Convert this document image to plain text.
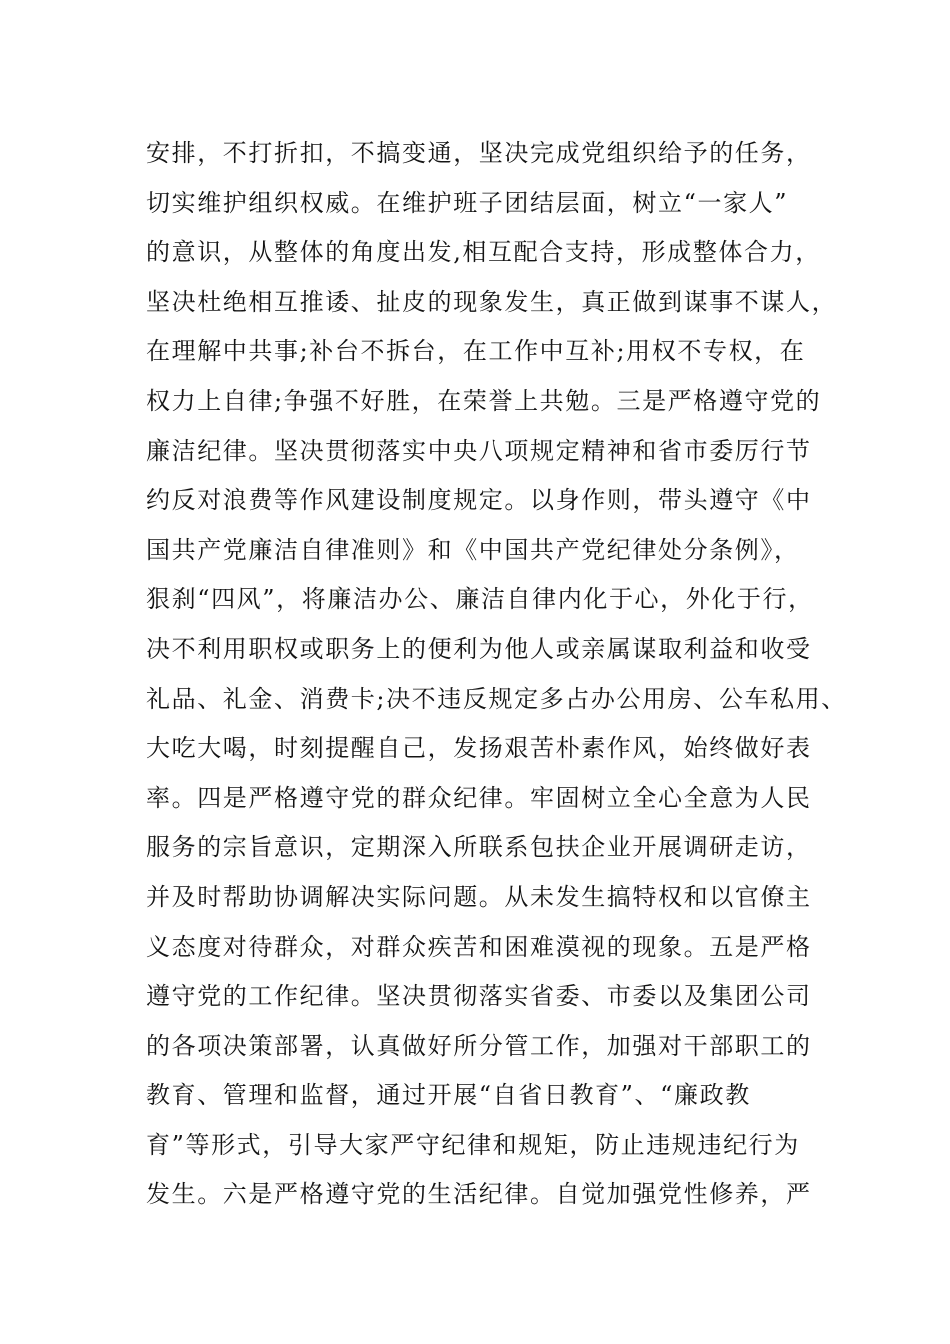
安排，不打折扣，不搞变通，坚决完成党组织给予的任务，
切实维护组织权威。在维护班子团结层面，树立“一家人”
的意识，从整体的角度出发,相互配合支持，形成整体合力，
坚决杜绝相互推诿、扯皮的现象发生，真正做到谋事不谋人，
在理解中共事;补台不拆台，在工作中互补;用权不专权，在
权力上自律;争强不好胜，在荣誉上共勉。三是严格遵守党的
廉洁纪律。坚决贯彻落实中央八项规定精神和省市委厉行节
约反对浪费等作风建设制度规定。以身作则，带头遵守《中
国共产党廉洁自律准则》和《中国共产党纪律处分条例》，
狠刹“四风”，将廉洁办公、廉洁自律内化于心，外化于行，
决不利用职权或职务上的便利为他人或亲属谋取利益和收受
礼品、礼金、消费卡;决不违反规定多占办公用房、公车私用、
大吃大喝，时刻提醒自己，发扬艰苦朴素作风，始终做好表
率。四是严格遵守党的群众纪律。牢固树立全心全意为人民
服务的宗旨意识，定期深入所联系包扶企业开展调研走访，
并及时帮助协调解决实际问题。从未发生搞特权和以官僚主
义态度对待群众，对群众疾苦和困难漠视的现象。五是严格
遵守党的工作纪律。坚决贯彻落实省委、市委以及集团公司
的各项决策部署，认真做好所分管工作，加强对干部职工的
教育、管理和监督，通过开展“自省日教育”、“廉政教
育”等形式，引导大家严守纪律和规矩，防止违规违纪行为
发生。六是严格遵守党的生活纪律。自觉加强党性修养，严
